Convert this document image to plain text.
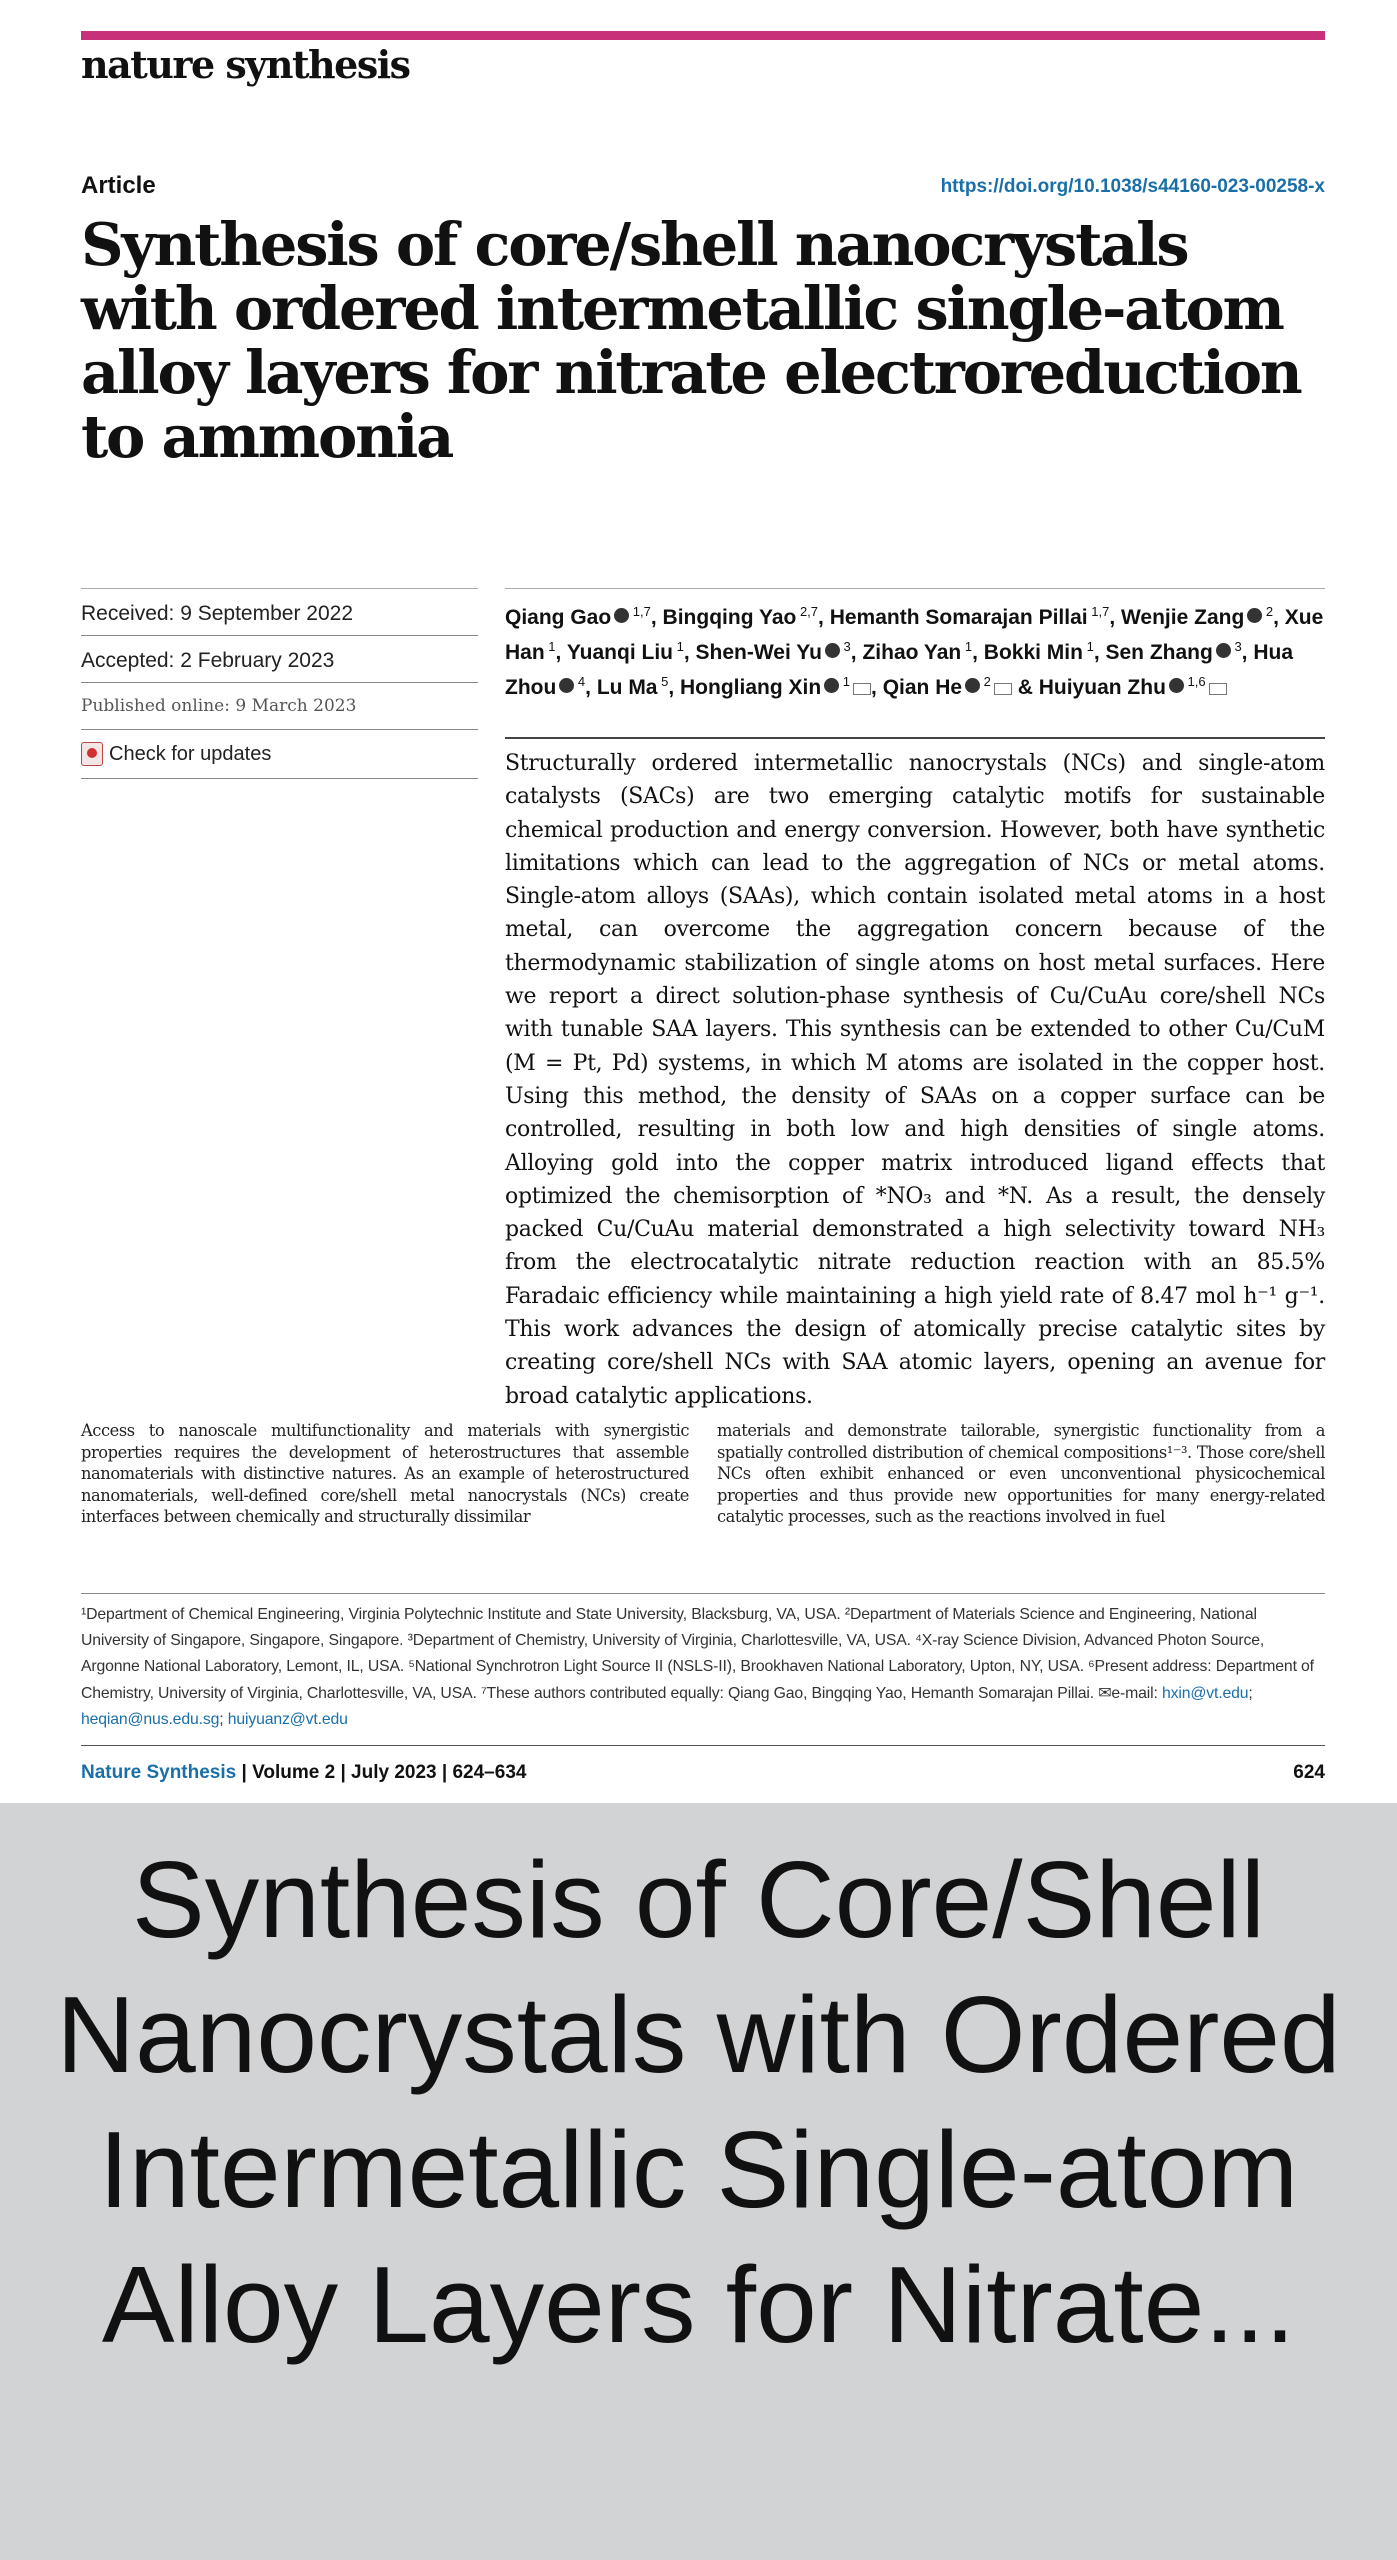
nature synthesis
Article	https://doi.org/10.1038/s44160-023-00258-x
Synthesis of core/shell nanocrystals with ordered intermetallic single-atom alloy layers for nitrate electroreduction to ammonia
Received: 9 September 2022
Accepted: 2 February 2023
Published online: 9 March 2023
Check for updates
Qiang Gao $^{1,7}$, Bingqing Yao $^{2,7}$, Hemanth Somarajan Pillai $^{1,7}$, Wenjie Zang $^2$, Xue Han $^1$, Yuanqi Liu $^1$, Shen-Wei Yu $^3$, Zihao Yan $^1$, Bokki Min $^1$, Sen Zhang $^3$, Hua Zhou $^4$, Lu Ma $^5$, Hongliang Xin $^1$ , Qian He $^2$ & Huiyuan Zhu $^{1,6}$
Structurally ordered intermetallic nanocrystals (NCs) and single-atom catalysts (SACs) are two emerging catalytic motifs for sustainable chemical production and energy conversion. However, both have synthetic limitations which can lead to the aggregation of NCs or metal atoms. Single-atom alloys (SAAs), which contain isolated metal atoms in a host metal, can overcome the aggregation concern because of the thermodynamic stabilization of single atoms on host metal surfaces. Here we report a direct solution-phase synthesis of Cu/CuAu core/shell NCs with tunable SAA layers. This synthesis can be extended to other Cu/CuM (M = Pt, Pd) systems, in which M atoms are isolated in the copper host. Using this method, the density of SAAs on a copper surface can be controlled, resulting in both low and high densities of single atoms. Alloying gold into the copper matrix introduced ligand effects that optimized the chemisorption of *NO₃ and *N. As a result, the densely packed Cu/CuAu material demonstrated a high selectivity toward NH₃ from the electrocatalytic nitrate reduction reaction with an 85.5% Faradaic efficiency while maintaining a high yield rate of 8.47 mol h⁻¹ g⁻¹. This work advances the design of atomically precise catalytic sites by creating core/shell NCs with SAA atomic layers, opening an avenue for broad catalytic applications.
Access to nanoscale multifunctionality and materials with synergistic properties requires the development of heterostructures that assemble nanomaterials with distinctive natures. As an example of heterostructured nanomaterials, well-defined core/shell metal nanocrystals (NCs) create interfaces between chemically and structurally dissimilar
materials and demonstrate tailorable, synergistic functionality from a spatially controlled distribution of chemical compositions¹⁻³. Those core/shell NCs often exhibit enhanced or even unconventional physicochemical properties and thus provide new opportunities for many energy-related catalytic processes, such as the reactions involved in fuel
¹Department of Chemical Engineering, Virginia Polytechnic Institute and State University, Blacksburg, VA, USA. ²Department of Materials Science and Engineering, National University of Singapore, Singapore, Singapore. ³Department of Chemistry, University of Virginia, Charlottesville, VA, USA. ⁴X-ray Science Division, Advanced Photon Source, Argonne National Laboratory, Lemont, IL, USA. ⁵National Synchrotron Light Source II (NSLS-II), Brookhaven National Laboratory, Upton, NY, USA. ⁶Present address: Department of Chemistry, University of Virginia, Charlottesville, VA, USA. ⁷These authors contributed equally: Qiang Gao, Bingqing Yao, Hemanth Somarajan Pillai. ✉e-mail: hxin@vt.edu; heqian@nus.edu.sg; huiyuanz@vt.edu
Nature Synthesis | Volume 2 | July 2023 | 624–634	624
Synthesis of Core/Shell Nanocrystals with Ordered Intermetallic Single-atom Alloy Layers for Nitrate...
